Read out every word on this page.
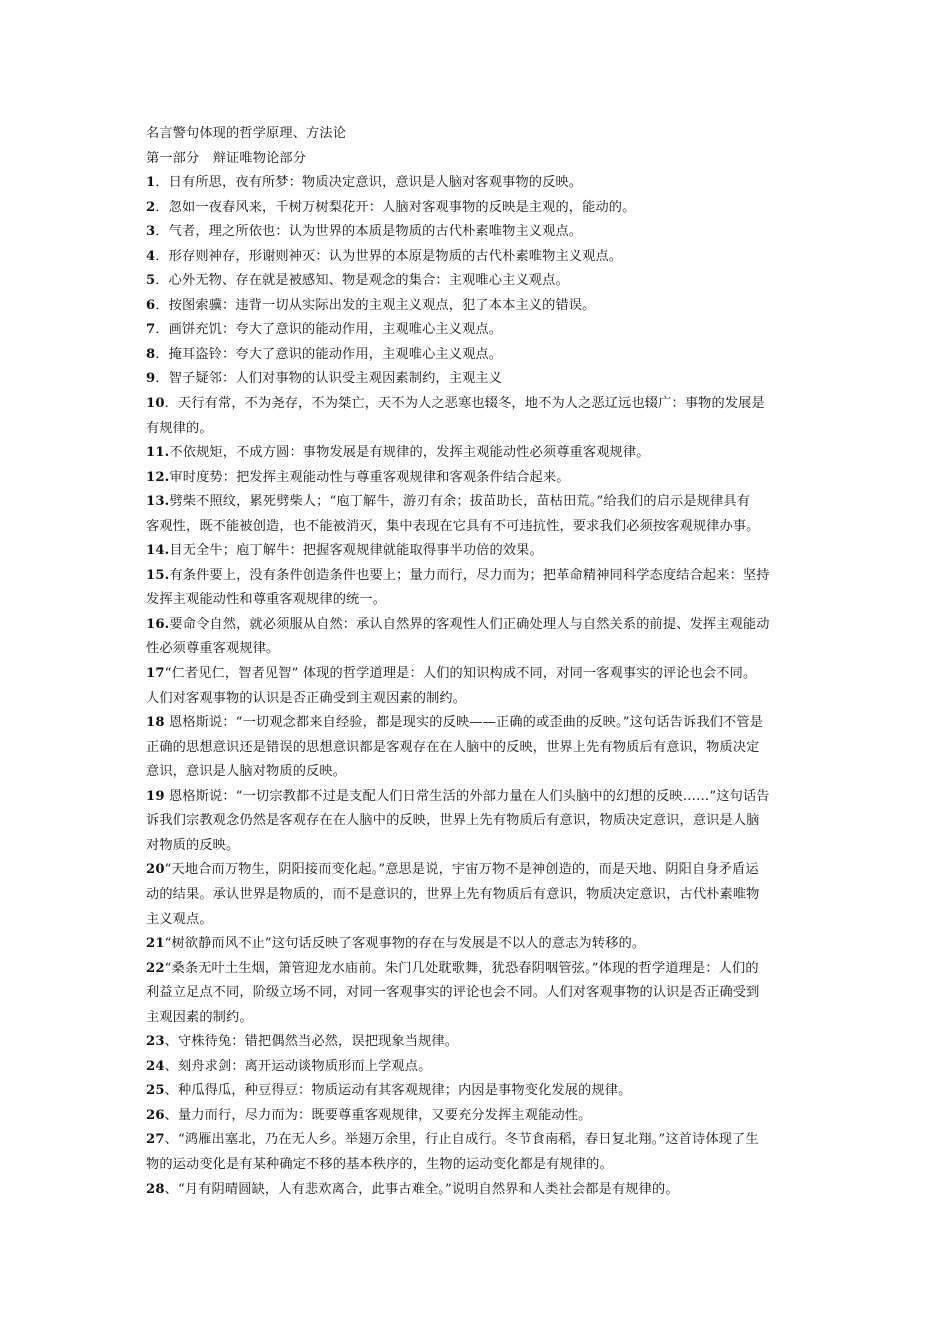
名言警句体现的哲学原理、方法论
第一部分　辩证唯物论部分
1．日有所思，夜有所梦：物质决定意识，意识是人脑对客观事物的反映。
2．忽如一夜春风来，千树万树梨花开：人脑对客观事物的反映是主观的，能动的。
3．气者，理之所依也：认为世界的本质是物质的古代朴素唯物主义观点。
4．形存则神存，形谢则神灭：认为世界的本原是物质的古代朴素唯物主义观点。
5．心外无物、存在就是被感知、物是观念的集合：主观唯心主义观点。
6．按图索骥：违背一切从实际出发的主观主义观点，犯了本本主义的错误。
7．画饼充饥：夸大了意识的能动作用，主观唯心主义观点。
8．掩耳盗铃：夸大了意识的能动作用，主观唯心主义观点。
9．智子疑邻：人们对事物的认识受主观因素制约，主观主义
10．天行有常，不为尧存，不为桀亡，天不为人之恶寒也辍冬，地不为人之恶辽远也辍广：事物的发展是
有规律的。
11.不依规矩，不成方圆：事物发展是有规律的，发挥主观能动性必须尊重客观规律。
12.审时度势：把发挥主观能动性与尊重客观规律和客观条件结合起来。
13.劈柴不照纹，累死劈柴人；“庖丁解牛，游刃有余；拔苗助长，苗枯田荒。”给我们的启示是规律具有
客观性，既不能被创造，也不能被消灭，集中表现在它具有不可违抗性，要求我们必须按客观规律办事。
14.目无全牛；庖丁解牛：把握客观规律就能取得事半功倍的效果。
15.有条件要上，没有条件创造条件也要上；量力而行，尽力而为；把革命精神同科学态度结合起来：坚持
发挥主观能动性和尊重客观规律的统一。
16.要命令自然，就必须服从自然：承认自然界的客观性人们正确处理人与自然关系的前提、发挥主观能动
性必须尊重客观规律。
17“仁者见仁，智者见智” 体现的哲学道理是：人们的知识构成不同，对同一客观事实的评论也会不同。
人们对客观事物的认识是否正确受到主观因素的制约。
18 恩格斯说：“一切观念都来自经验，都是现实的反映——正确的或歪曲的反映。”这句话告诉我们不管是
正确的思想意识还是错误的思想意识都是客观存在在人脑中的反映，世界上先有物质后有意识，物质决定
意识，意识是人脑对物质的反映。
19 恩格斯说：“一切宗教都不过是支配人们日常生活的外部力量在人们头脑中的幻想的反映……”这句话告
诉我们宗教观念仍然是客观存在在人脑中的反映，世界上先有物质后有意识，物质决定意识，意识是人脑
对物质的反映。
20“天地合而万物生，阴阳接而变化起。”意思是说，宇宙万物不是神创造的，而是天地、阴阳自身矛盾运
动的结果。承认世界是物质的，而不是意识的，世界上先有物质后有意识，物质决定意识，古代朴素唯物
主义观点。
21“树欲静而风不止”这句话反映了客观事物的存在与发展是不以人的意志为转移的。
22“桑条无叶土生烟，箫管迎龙水庙前。朱门几处耽歌舞，犹恐春阴咽管弦。”体现的哲学道理是：人们的
利益立足点不同，阶级立场不同，对同一客观事实的评论也会不同。人们对客观事物的认识是否正确受到
主观因素的制约。
23、守株待兔：错把偶然当必然，误把现象当规律。
24、刻舟求剑：离开运动谈物质形而上学观点。
25、种瓜得瓜，种豆得豆：物质运动有其客观规律；内因是事物变化发展的规律。
26、量力而行，尽力而为：既要尊重客观规律，又要充分发挥主观能动性。
27、“鸿雁出塞北，乃在无人乡。举翅万余里，行止自成行。冬节食南稻，春日复北翔。”这首诗体现了生
物的运动变化是有某种确定不移的基本秩序的，生物的运动变化都是有规律的。
28、“月有阴晴圆缺，人有悲欢离合，此事古难全。”说明自然界和人类社会都是有规律的。
